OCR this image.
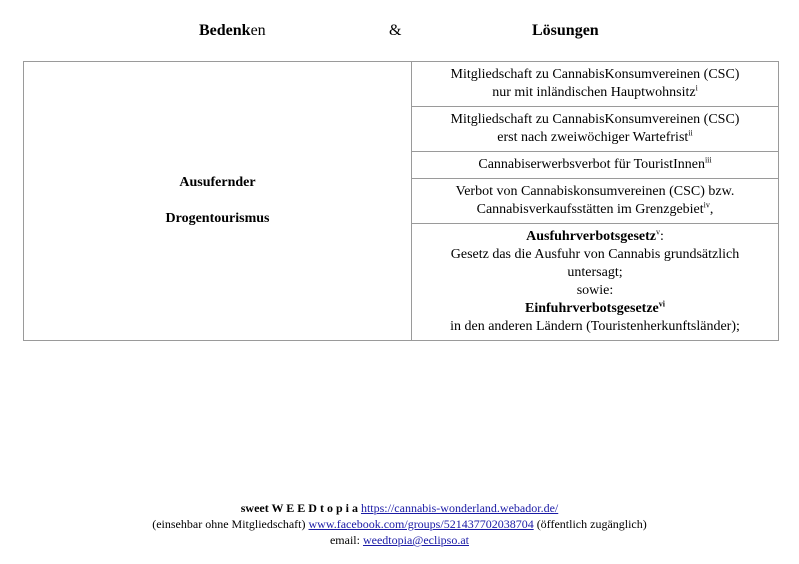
Bedenken	&	Lösungen
Ausufernder
Drogentourismus

Mitgliedschaft zu CannabisKonsumvereinen (CSC)
nur mit inländischen Hauptwohnsitz$^i$

Mitgliedschaft zu CannabisKonsumvereinen (CSC)
erst nach zweiwöchiger Wartefrist$^{ii}$

Cannabiserwerbsverbot für TouristInnen$^{iii}$

Verbot von Cannabiskonsumvereinen (CSC) bzw.
Cannabisverkaufsstätten im Grenzgebiet$^{iv}$,

Ausfuhrverbotsgesetz$^v$:
Gesetz das die Ausfuhr von Cannabis grundsätzlich
untersagt;
sowie:
Einfuhrverbotsgesetze$^{vi}$
in den anderen Ländern (Touristenherkunftsländer);
sweet W E E D t o p i a https://cannabis-wonderland.webador.de/
(einsehbar ohne Mitgliedschaft) www.facebook.com/groups/521437702038704 (öffentlich zugänglich)
email: weedtopia@eclipso.at
